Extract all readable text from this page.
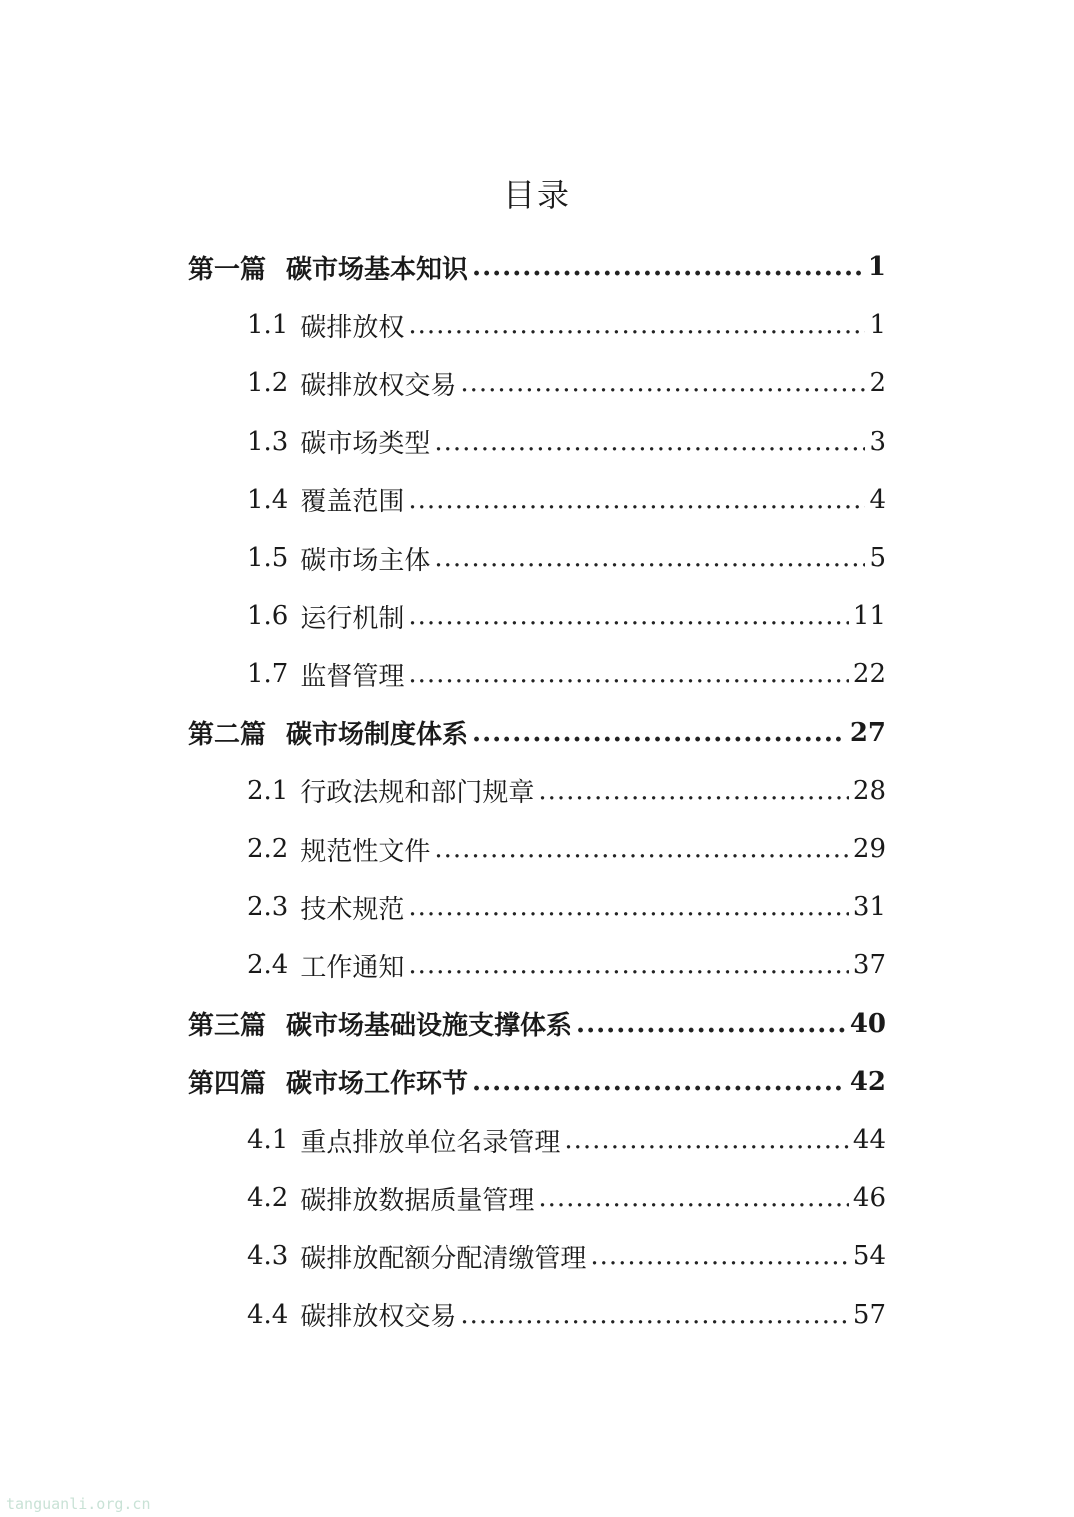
目录
第一篇 碳市场基本知识 .....	1
1.1 碳排放权 .....	1
1.2 碳排放权交易 .....	2
1.3 碳市场类型 .....	3
1.4 覆盖范围 .....	4
1.5 碳市场主体 .....	5
1.6 运行机制 .....	11
1.7 监督管理 .....	22
第二篇 碳市场制度体系 .....	27
2.1 行政法规和部门规章 .....	28
2.2 规范性文件 .....	29
2.3 技术规范 .....	31
2.4 工作通知 .....	37
第三篇 碳市场基础设施支撑体系 .....	40
第四篇 碳市场工作环节 .....	42
4.1 重点排放单位名录管理 .....	44
4.2 碳排放数据质量管理 .....	46
4.3 碳排放配额分配清缴管理 .....	54
4.4 碳排放权交易 .....	57
tanguanli.org.cn
